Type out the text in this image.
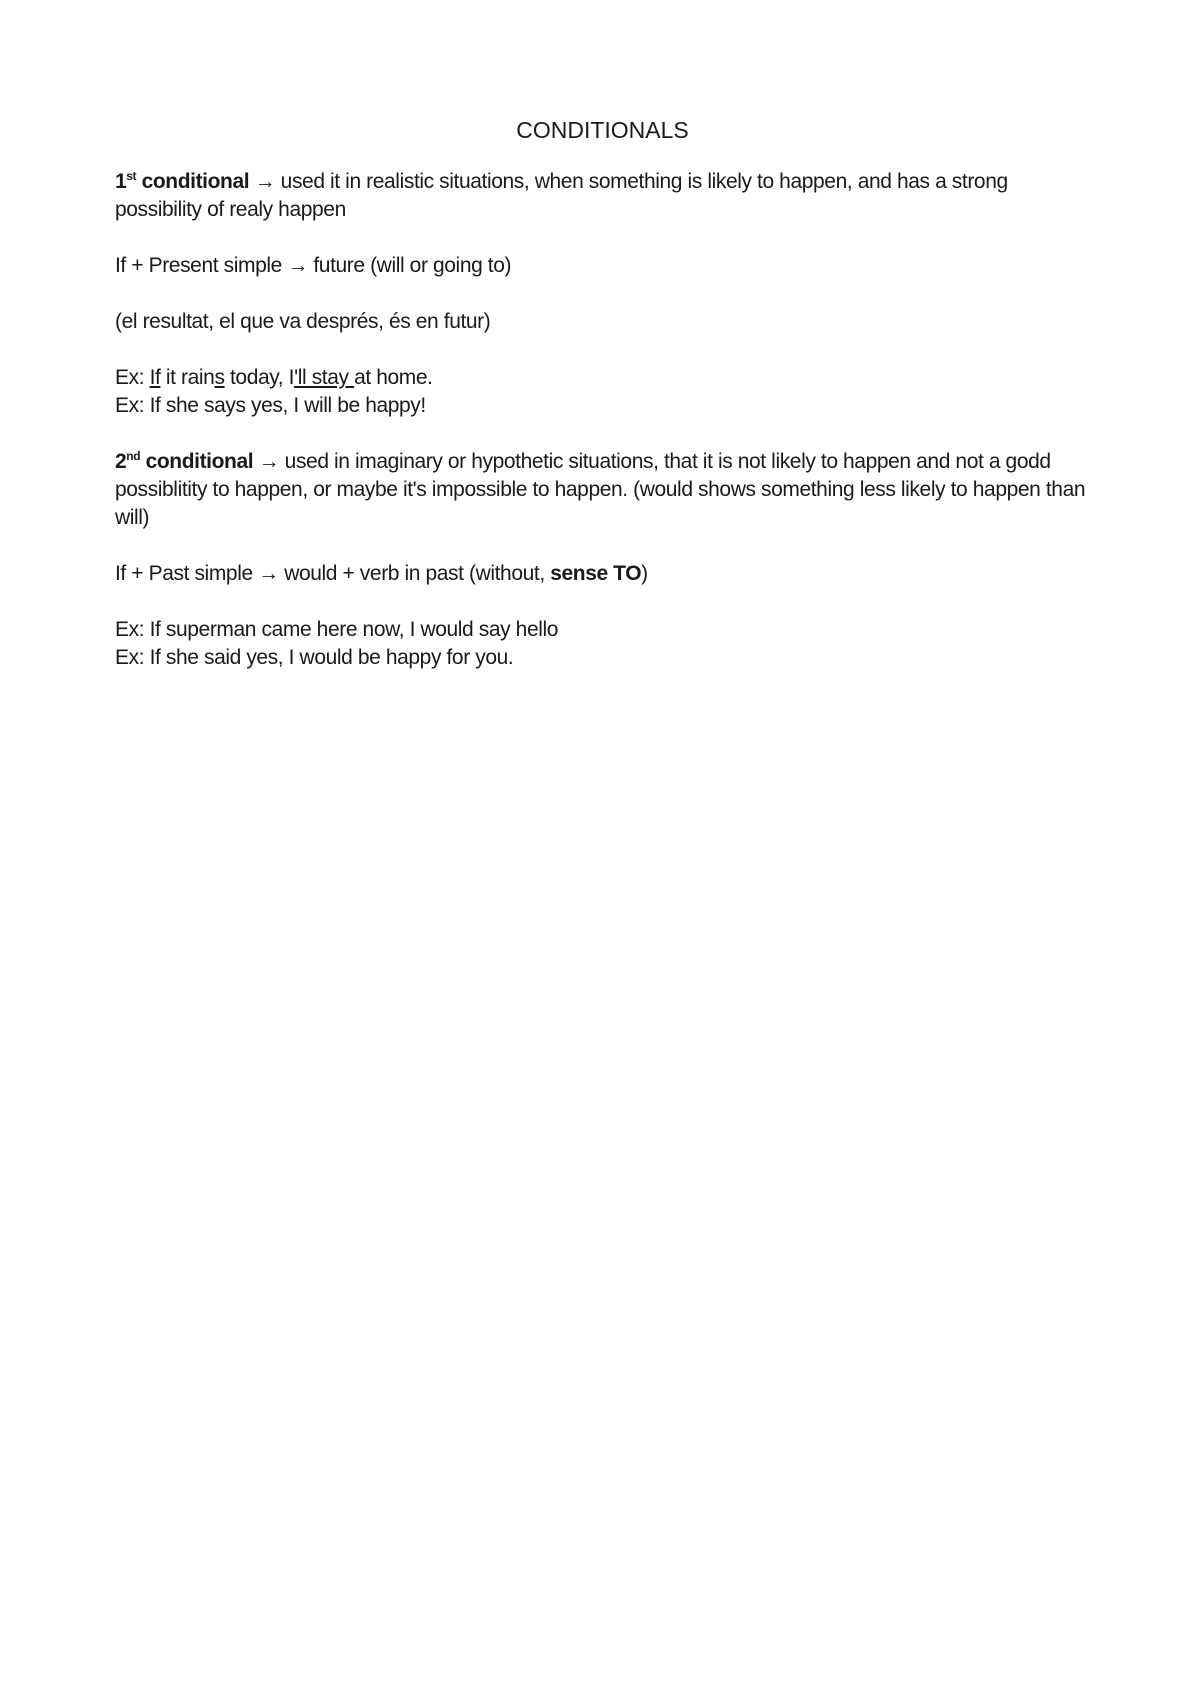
CONDITIONALS

1st conditional → used it in realistic situations, when something is likely to happen, and has a strong possibility of realy happen

If + Present simple → future (will or going to)

(el resultat, el que va després, és en futur)

Ex: If it rains today, I'll stay at home.

Ex: If she says yes, I will be happy!

2nd conditional → used in imaginary or hypothetic situations, that it is not likely to happen and not a godd possiblitity to happen, or maybe it's impossible to happen. (would shows something less likely to happen than will)

If + Past simple → would + verb in past (without, sense TO)

Ex: If superman came here now, I would say hello

Ex: If she said yes, I would be happy for you.
